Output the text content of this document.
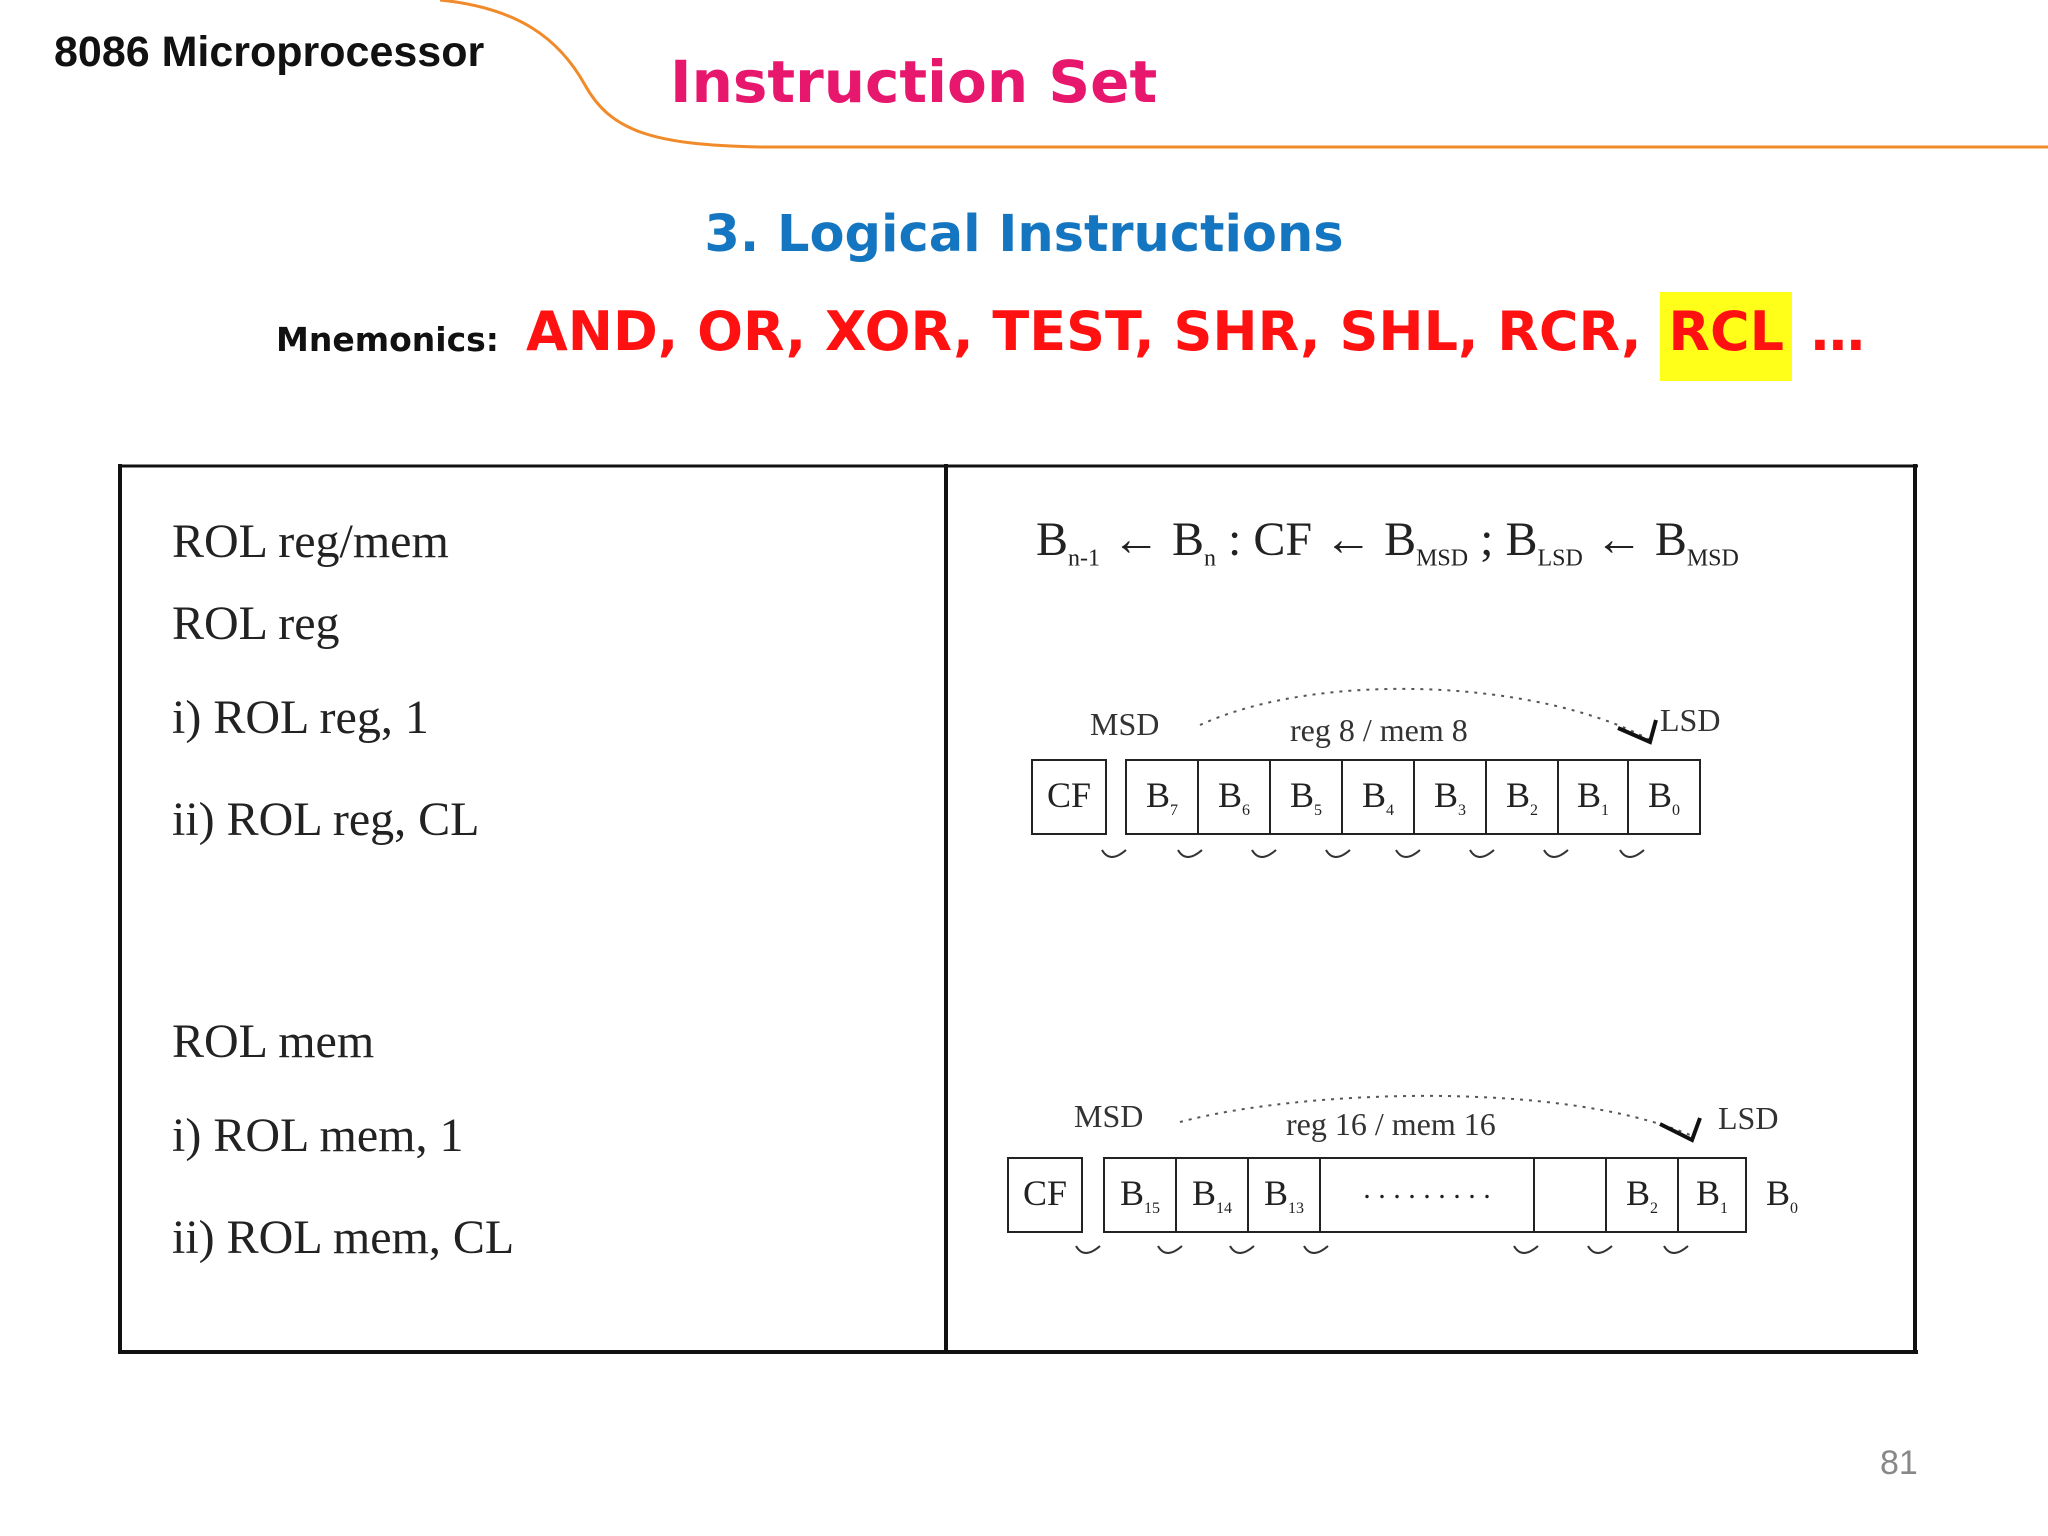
8086 Microprocessor	Instruction Set
3. Logical Instructions
Mnemonics: AND, OR, XOR, TEST, SHR, SHL, RCR, RCL …
ROL reg/mem
ROL reg
i) ROL reg, 1
ii) ROL reg, CL
ROL mem
i) ROL mem, 1
ii) ROL mem, CL
$B_{n-1}$ ← $B_n$ : CF ← $B_{MSD}$ ; $B_{LSD}$ ← $B_{MSD}$
MSD	reg 8 / mem 8	LSD
CF	$B_7$	$B_6$	$B_5$	$B_4$	$B_3$	$B_2$	$B_1$	$B_0$
MSD	reg 16 / mem 16	LSD
CF	$B_{15}$ $B_{14}$ $B_{13}$
. . . . . . . . .	$B_2$	$B_1$	$B_0$
81
